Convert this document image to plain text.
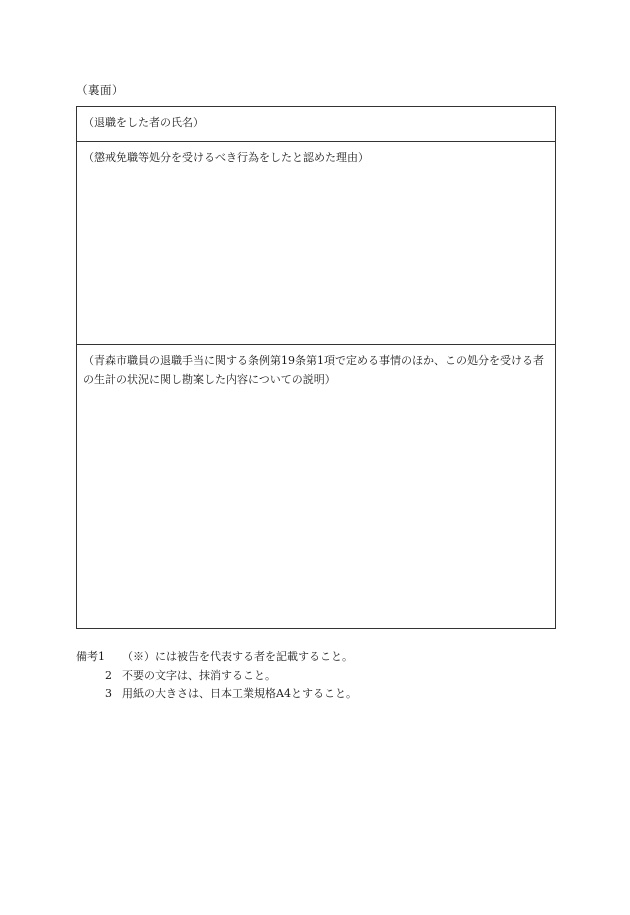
（裏面）
（退職をした者の氏名）
（懲戒免職等処分を受けるべき行為をしたと認めた理由）
（青森市職員の退職手当に関する条例第19条第1項で定める事情のほか、この処分を受ける者の生計の状況に関し勘案した内容についての説明）
備考1	（※）には被告を代表する者を記載すること。
2 不要の文字は、抹消すること。
3 用紙の大きさは、日本工業規格A4とすること。
